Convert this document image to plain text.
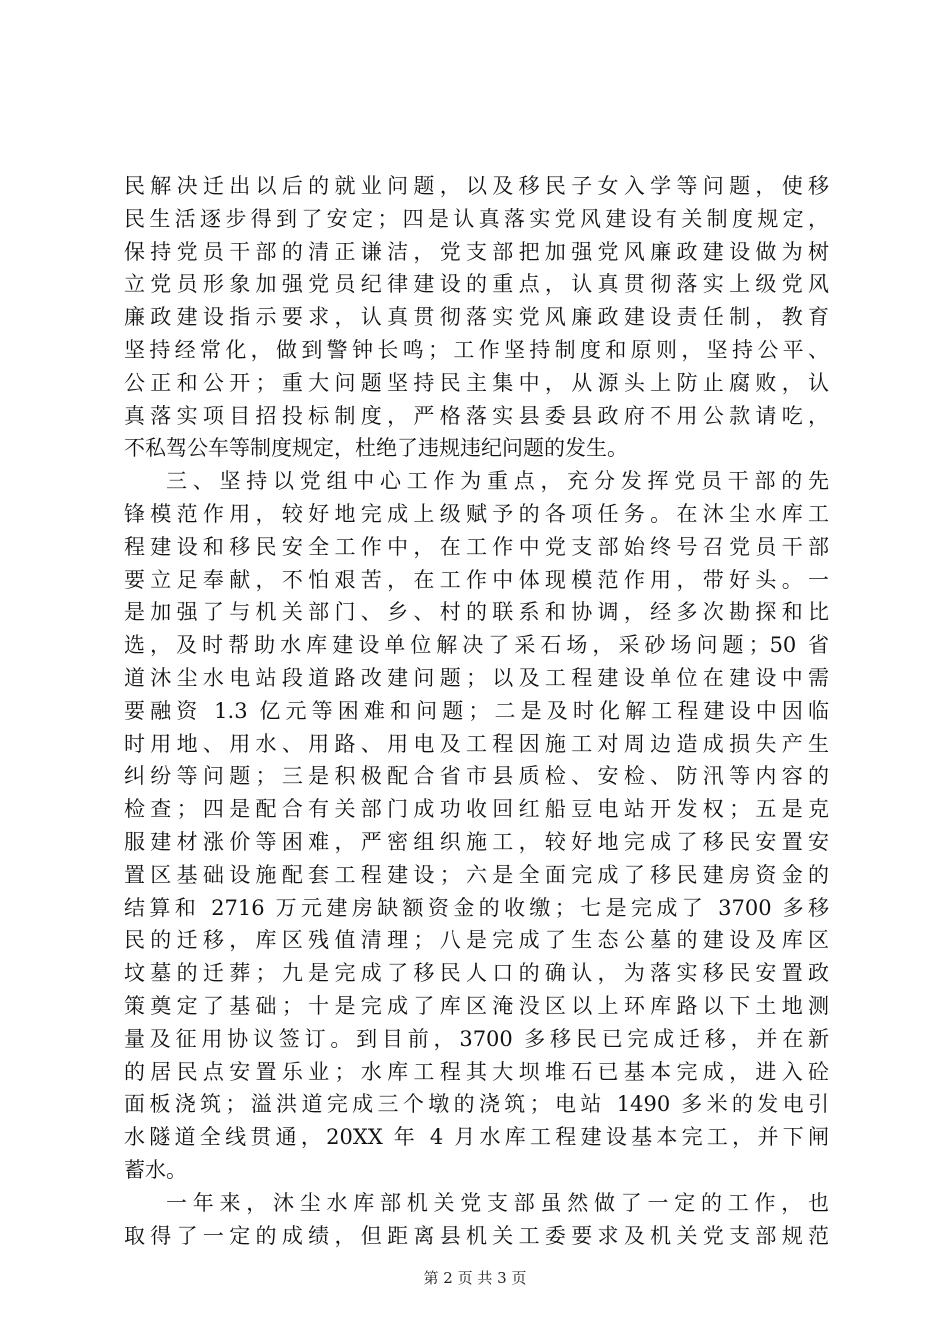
民解决迁出以后的就业问题，以及移民子女入学等问题，使移
民生活逐步得到了安定；四是认真落实党风建设有关制度规定，
保持党员干部的清正谦洁，党支部把加强党风廉政建设做为树
立党员形象加强党员纪律建设的重点，认真贯彻落实上级党风
廉政建设指示要求，认真贯彻落实党风廉政建设责任制，教育
坚持经常化，做到警钟长鸣；工作坚持制度和原则，坚持公平、
公正和公开；重大问题坚持民主集中，从源头上防止腐败，认
真落实项目招投标制度，严格落实县委县政府不用公款请吃，
不私驾公车等制度规定，杜绝了违规违纪问题的发生。
三、坚持以党组中心工作为重点，充分发挥党员干部的先
锋模范作用，较好地完成上级赋予的各项任务。在沐尘水库工
程建设和移民安全工作中，在工作中党支部始终号召党员干部
要立足奉献，不怕艰苦，在工作中体现模范作用，带好头。一
是加强了与机关部门、乡、村的联系和协调，经多次勘探和比
选，及时帮助水库建设单位解决了采石场，采砂场问题；50 省
道沐尘水电站段道路改建问题；以及工程建设单位在建设中需
要融资 1.3 亿元等困难和问题；二是及时化解工程建设中因临
时用地、用水、用路、用电及工程因施工对周边造成损失产生
纠纷等问题；三是积极配合省市县质检、安检、防汛等内容的
检查；四是配合有关部门成功收回红船豆电站开发权；五是克
服建材涨价等困难，严密组织施工，较好地完成了移民安置安
置区基础设施配套工程建设；六是全面完成了移民建房资金的
结算和 2716 万元建房缺额资金的收缴；七是完成了 3700 多移
民的迁移，库区残值清理；八是完成了生态公墓的建设及库区
坟墓的迁葬；九是完成了移民人口的确认，为落实移民安置政
策奠定了基础；十是完成了库区淹没区以上环库路以下土地测
量及征用协议签订。到目前，3700 多移民已完成迁移，并在新
的居民点安置乐业；水库工程其大坝堆石已基本完成，进入砼
面板浇筑；溢洪道完成三个墩的浇筑；电站 1490 多米的发电引
水隧道全线贯通，20XX 年 4 月水库工程建设基本完工，并下闸
蓄水。
一年来，沐尘水库部机关党支部虽然做了一定的工作，也
取得了一定的成绩，但距离县机关工委要求及机关党支部规范
第 2 页 共 3 页
